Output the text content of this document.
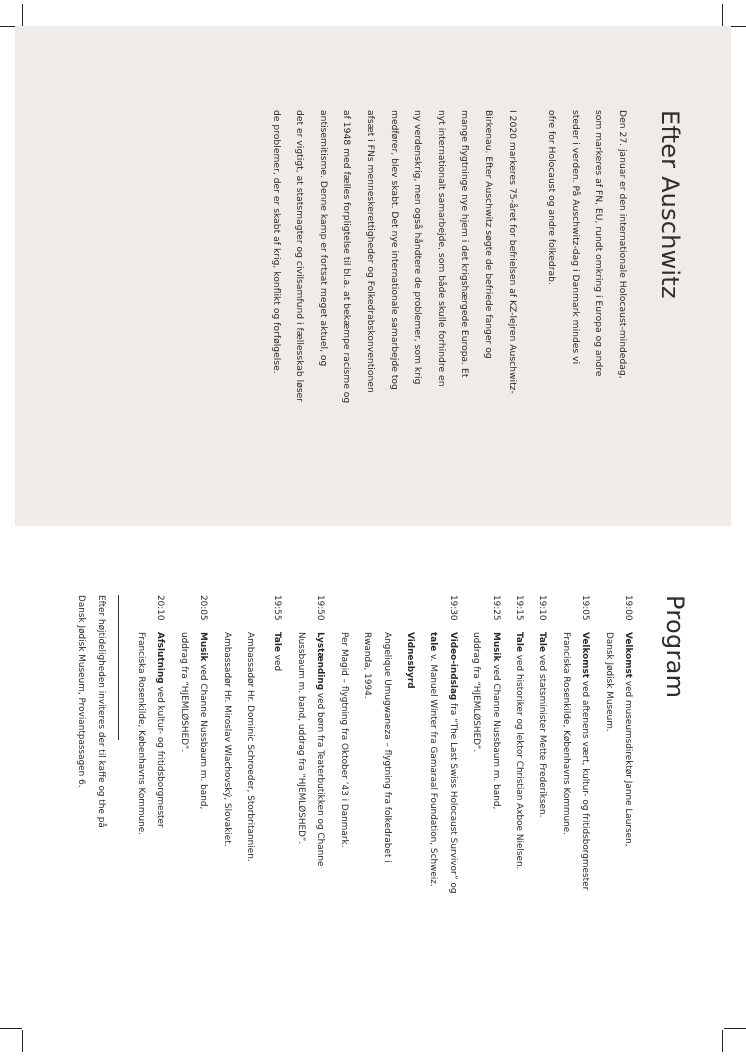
Efter Auschwitz
Den 27. januar er den internationale Holocaust-mindedag,
som markeres af FN, EU, rundt omkring i Europa og andre
steder i verden. På Auschwitz-dag i Danmark mindes vi
ofre for Holocaust og andre folkedrab.
I 2020 markeres 75-året for befrielsen af KZ-lejren Auschwitz-
Birkenau. Efter Auschwitz søgte de befriede fanger og
mange flygtninge nye hjem i det krigshærgede Europa. Et
nyt internationalt samarbejde, som både skulle forhindre en
ny verdenskrig, men også håndtere de problemer, som krig
medfører, blev skabt. Det nye internationale samarbejde tog
afsæt i FNs menneskerettigheder og Folkedrabskonventionen
af 1948 med fælles forpligtelse til bl.a. at bekæmpe racisme og
antisemitisme. Denne kamp er fortsat meget aktuel, og
det er vigtigt, at statsmagter og civilsamfund i fællesskab løser
de problemer, der er skabt af krig, konflikt og forfølgelse.
Program
19:00
Velkomst ved museumsdirektør Janne Laursen,
Dansk Jødisk Museum.
19:05
Velkomst ved aftenens vært, kultur- og fritidsborgmester
Franciska Rosenkilde, Københavns Kommune.
19:10
Tale ved statsminister Mette Frederiksen.
19:15
Tale ved historiker og lektor Christian Axboe Nielsen.
19:25
Musik ved Channe Nussbaum m. band,
uddrag fra “HJEMLØSHED”.
19:30
Video-indslag fra “The Last Swiss Holocaust Survivor” og
tale v. Manuel Winter fra Gamaraal Foundation, Schweiz.
Vidnesbyrd
Angelique Umugwaneza – flygtning fra folkedrabet i
Rwanda, 1994.
Per Magid – flygtning fra Oktober ’43 i Danmark.
19:50
Lystænding ved børn fra Teaterbutikken og Channe
Nussbaum m. band, uddrag fra “HJEMLØSHED”.
19:55
Tale ved
Ambassadør Hr. Dominic Schroeder, Storbritannien.
Ambassadør Hr. Miroslav Wlachovský, Slovakiet.
20:05
Musik ved Channe Nussbaum m. band,
uddrag fra “HJEMLØSHED”.
20:10
Afslutning ved kultur- og fritidsborgmester
Franciska Rosenkilde, Københavns Kommune.
Efter højtideligheden inviteres der til kaffe og the på
Dansk Jødisk Museum, Proviantpassagen 6.
